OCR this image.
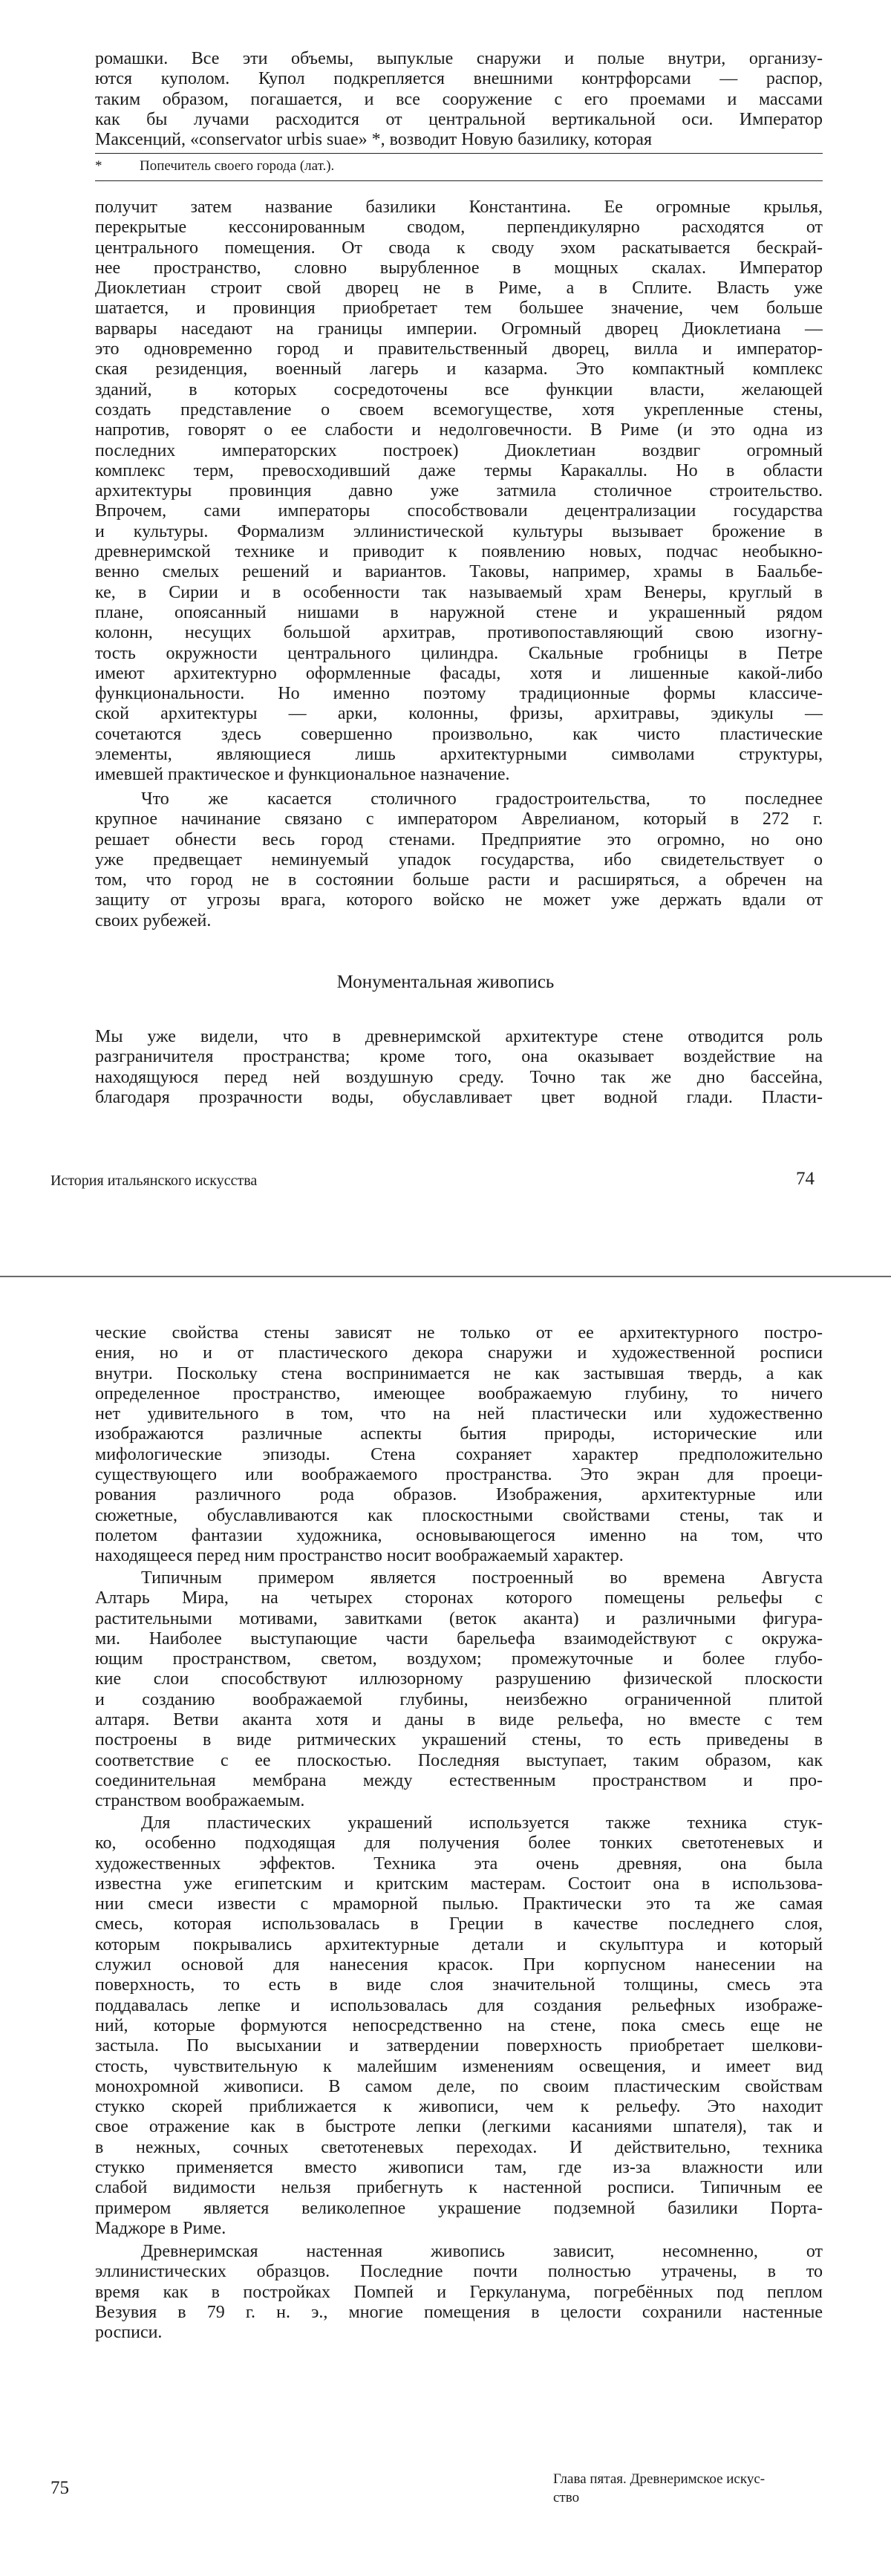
ромашки. Все эти объемы, выпуклые снаружи и полые внутри, организу-
ются куполом. Купол подкрепляется внешними контрфорсами — распор,
таким образом, погашается, и все сооружение с его проемами и массами
как бы лучами расходится от центральной вертикальной оси. Император
Максенций, «conservator urbis suae» *, возводит Новую базилику, которая
*	Попечитель своего города (лат.).
получит затем название базилики Константина. Ее огромные крылья,
перекрытые кессонированным сводом, перпендикулярно расходятся от
центрального помещения. От свода к своду эхом раскатывается бескрай-
нее пространство, словно вырубленное в мощных скалах. Император
Диоклетиан строит свой дворец не в Риме, а в Сплите. Власть уже
шатается, и провинция приобретает тем большее значение, чем больше
варвары наседают на границы империи. Огромный дворец Диоклетиана —
это одновременно город и правительственный дворец, вилла и император-
ская резиденция, военный лагерь и казарма. Это компактный комплекс
зданий, в которых сосредоточены все функции власти, желающей
создать представление о своем всемогуществе, хотя укрепленные стены,
напротив, говорят о ее слабости и недолговечности. В Риме (и это одна из
последних императорских построек) Диоклетиан воздвиг огромный
комплекс терм, превосходивший даже термы Каракаллы. Но в области
архитектуры провинция давно уже затмила столичное строительство.
Впрочем, сами императоры способствовали децентрализации государства
и культуры. Формализм эллинистической культуры вызывает брожение в
древнеримской технике и приводит к появлению новых, подчас необыкно-
венно смелых решений и вариантов. Таковы, например, храмы в Баальбе-
ке, в Сирии и в особенности так называемый храм Венеры, круглый в
плане, опоясанный нишами в наружной стене и украшенный рядом
колонн, несущих большой архитрав, противопоставляющий свою изогну-
тость окружности центрального цилиндра. Скальные гробницы в Петре
имеют архитектурно оформленные фасады, хотя и лишенные какой-либо
функциональности. Но именно поэтому традиционные формы классиче-
ской архитектуры — арки, колонны, фризы, архитравы, эдикулы —
сочетаются здесь совершенно произвольно, как чисто пластические
элементы, являющиеся лишь архитектурными символами структуры,
имевшей практическое и функциональное назначение.
Что же касается столичного градостроительства, то последнее
крупное начинание связано с императором Аврелианом, который в 272 г.
решает обнести весь город стенами. Предприятие это огромно, но оно
уже предвещает неминуемый упадок государства, ибо свидетельствует о
том, что город не в состоянии больше расти и расширяться, а обречен на
защиту от угрозы врага, которого войско не может уже держать вдали от
своих рубежей.
Монументальная живопись
Мы уже видели, что в древнеримской архитектуре стене отводится роль
разграничителя пространства; кроме того, она оказывает воздействие на
находящуюся перед ней воздушную среду. Точно так же дно бассейна,
благодаря прозрачности воды, обуславливает цвет водной глади. Пласти-
История итальянского искусства	74
ческие свойства стены зависят не только от ее архитектурного постро-
ения, но и от пластического декора снаружи и художественной росписи
внутри. Поскольку стена воспринимается не как застывшая твердь, а как
определенное пространство, имеющее воображаемую глубину, то ничего
нет удивительного в том, что на ней пластически или художественно
изображаются различные аспекты бытия природы, исторические или
мифологические эпизоды. Стена сохраняет характер предположительно
существующего или воображаемого пространства. Это экран для проеци-
рования различного рода образов. Изображения, архитектурные или
сюжетные, обуславливаются как плоскостными свойствами стены, так и
полетом фантазии художника, основывающегося именно на том, что
находящееся перед ним пространство носит воображаемый характер.
Типичным примером является построенный во времена Августа
Алтарь Мира, на четырех сторонах которого помещены рельефы с
растительными мотивами, завитками (веток аканта) и различными фигура-
ми. Наиболее выступающие части барельефа взаимодействуют с окружа-
ющим пространством, светом, воздухом; промежуточные и более глубо-
кие слои способствуют иллюзорному разрушению физической плоскости
и созданию воображаемой глубины, неизбежно ограниченной плитой
алтаря. Ветви аканта хотя и даны в виде рельефа, но вместе с тем
построены в виде ритмических украшений стены, то есть приведены в
соответствие с ее плоскостью. Последняя выступает, таким образом, как
соединительная мембрана между естественным пространством и про-
странством воображаемым.
Для пластических украшений используется также техника стук-
ко, особенно подходящая для получения более тонких светотеневых и
художественных эффектов. Техника эта очень древняя, она была
известна уже египетским и критским мастерам. Состоит она в использова-
нии смеси извести с мраморной пылью. Практически это та же самая
смесь, которая использовалась в Греции в качестве последнего слоя,
которым покрывались архитектурные детали и скульптура и который
служил основой для нанесения красок. При корпусном нанесении на
поверхность, то есть в виде слоя значительной толщины, смесь эта
поддавалась лепке и использовалась для создания рельефных изображе-
ний, которые формуются непосредственно на стене, пока смесь еще не
застыла. По высыхании и затвердении поверхность приобретает шелкови-
стость, чувствительную к малейшим изменениям освещения, и имеет вид
монохромной живописи. В самом деле, по своим пластическим свойствам
стукко скорей приближается к живописи, чем к рельефу. Это находит
свое отражение как в быстроте лепки (легкими касаниями шпателя), так и
в нежных, сочных светотеневых переходах. И действительно, техника
стукко применяется вместо живописи там, где из-за влажности или
слабой видимости нельзя прибегнуть к настенной росписи. Типичным ее
примером является великолепное украшение подземной базилики Порта-
Маджоре в Риме.
Древнеримская настенная живопись зависит, несомненно, от
эллинистических образцов. Последние почти полностью утрачены, в то
время как в постройках Помпей и Геркуланума, погребённых под пеплом
Везувия в 79 г. н. э., многие помещения в целости сохранили настенные
росписи.
75	Глава пятая. Древнеримское искус-
ство
